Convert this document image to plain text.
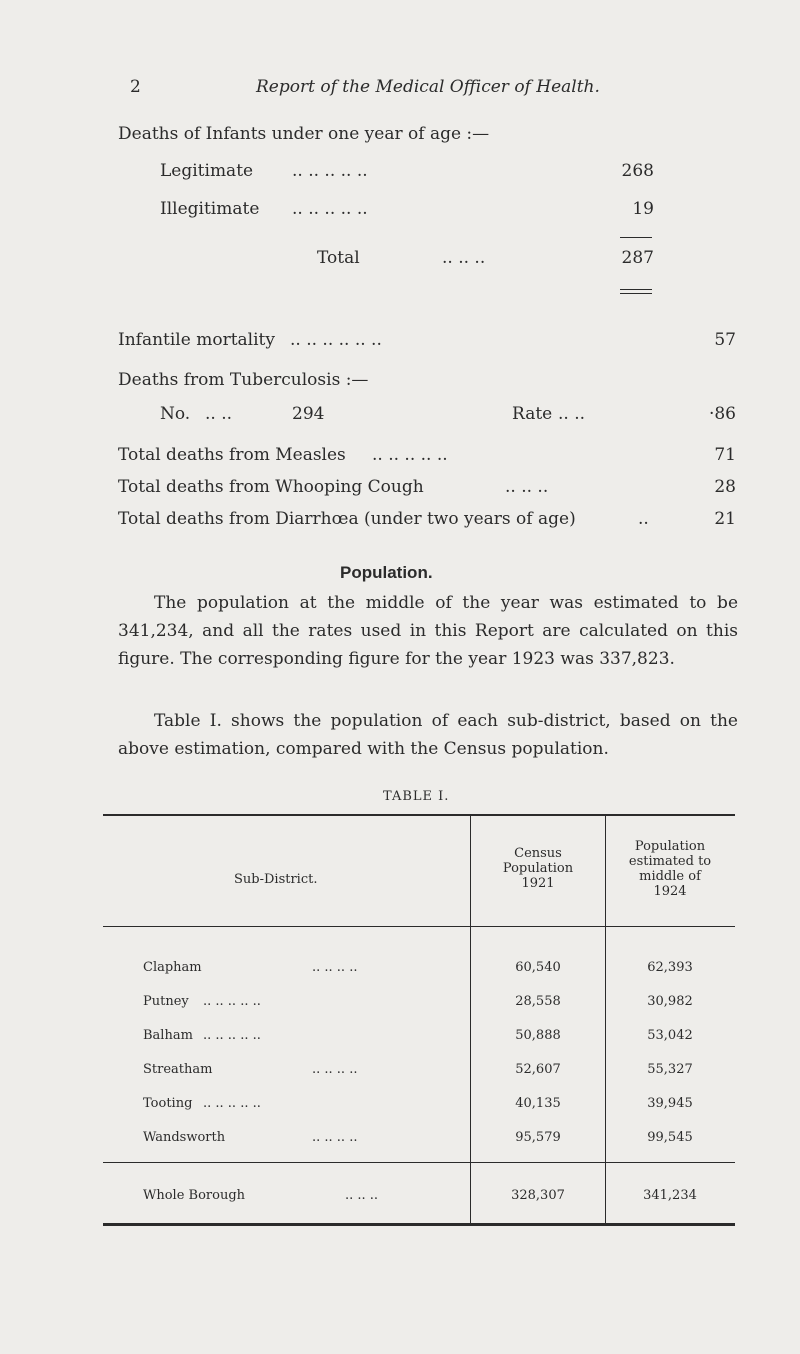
2	Report of the Medical Officer of Health.
Deaths of Infants under one year of age :—
Legitimate .. .. .. .. ..	268
Illegitimate .. .. .. .. ..	19
Total	.. .. ..	287
Infantile mortality .. .. .. .. .. ..	57
Deaths from Tuberculosis :—
No. .. ..	294	Rate .. ..	·86
Total deaths from Measles .. .. .. .. ..	71
Total deaths from Whooping Cough	.. .. ..	28
Total deaths from Diarrhœa (under two years of age)	..	21
Population.
The population at the middle of the year was estimated to be 341,234, and all the rates used in this Report are calculated on this figure. The corresponding figure for the year 1923 was 337,823.
Table I. shows the population of each sub-district, based on the above estimation, compared with the Census population.
TABLE I.
Sub-District.
Census
Population
1921
Population
estimated to
middle of
1924
Clapham	.. .. .. ..	60,540	62,393
Putney .. .. .. .. ..	28,558	30,982
Balham .. .. .. .. ..	50,888	53,042
Streatham	.. .. .. ..	52,607	55,327
Tooting .. .. .. .. ..	40,135	39,945
Wandsworth	.. .. .. ..	95,579	99,545
Whole Borough	.. .. ..	328,307	341,234
